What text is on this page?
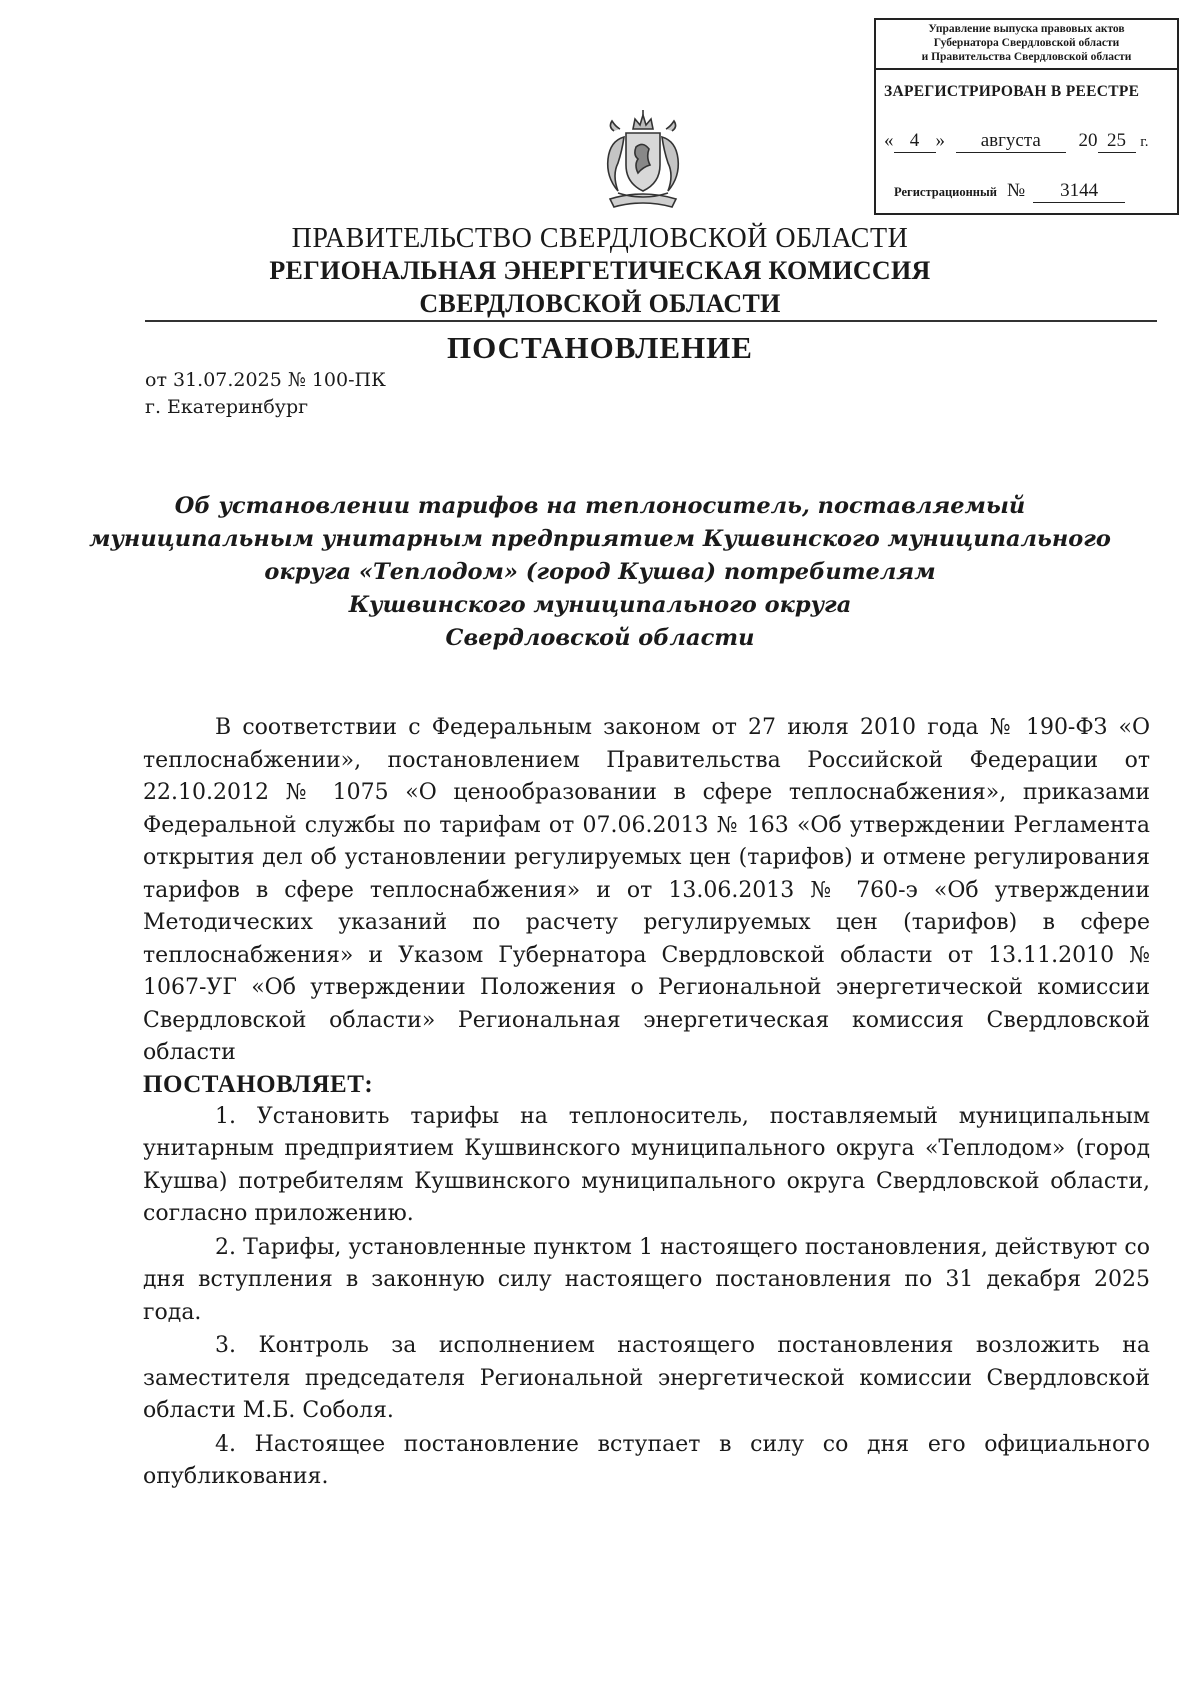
Управление выпуска правовых актов
Губернатора Свердловской области
и Правительства Свердловской области
ЗАРЕГИСТРИРОВАН В РЕЕСТРЕ
« 4 » августа 20 25 г.
Регистрационный № 3144
ПРАВИТЕЛЬСТВО СВЕРДЛОВСКОЙ ОБЛАСТИ
РЕГИОНАЛЬНАЯ ЭНЕРГЕТИЧЕСКАЯ КОМИССИЯ
СВЕРДЛОВСКОЙ ОБЛАСТИ
ПОСТАНОВЛЕНИЕ
от 31.07.2025 № 100-ПК
г. Екатеринбург
Об установлении тарифов на теплоноситель, поставляемый
муниципальным унитарным предприятием Кушвинского муниципального
округа «Теплодом» (город Кушва) потребителям
Кушвинского муниципального округа
Свердловской области

В соответствии с Федеральным законом от 27 июля 2010 года № 190-ФЗ «О теплоснабжении», постановлением Правительства Российской Федерации от 22.10.2012 № 1075 «О ценообразовании в сфере теплоснабжения», приказами Федеральной службы по тарифам от 07.06.2013 № 163 «Об утверждении Регламента открытия дел об установлении регулируемых цен (тарифов) и отмене регулирования тарифов в сфере теплоснабжения» и от 13.06.2013 № 760-э «Об утверждении Методических указаний по расчету регулируемых цен (тарифов) в сфере теплоснабжения» и Указом Губернатора Свердловской области от 13.11.2010 № 1067-УГ «Об утверждении Положения о Региональной энергетической комиссии Свердловской области» Региональная энергетическая комиссия Свердловской области

ПОСТАНОВЛЯЕТ:

1. Установить тарифы на теплоноситель, поставляемый муниципальным унитарным предприятием Кушвинского муниципального округа «Теплодом» (город Кушва) потребителям Кушвинского муниципального округа Свердловской области, согласно приложению.

2. Тарифы, установленные пунктом 1 настоящего постановления, действуют со дня вступления в законную силу настоящего постановления по 31 декабря 2025 года.

3. Контроль за исполнением настоящего постановления возложить на заместителя председателя Региональной энергетической комиссии Свердловской области М.Б. Соболя.

4. Настоящее постановление вступает в силу со дня его официального опубликования.
